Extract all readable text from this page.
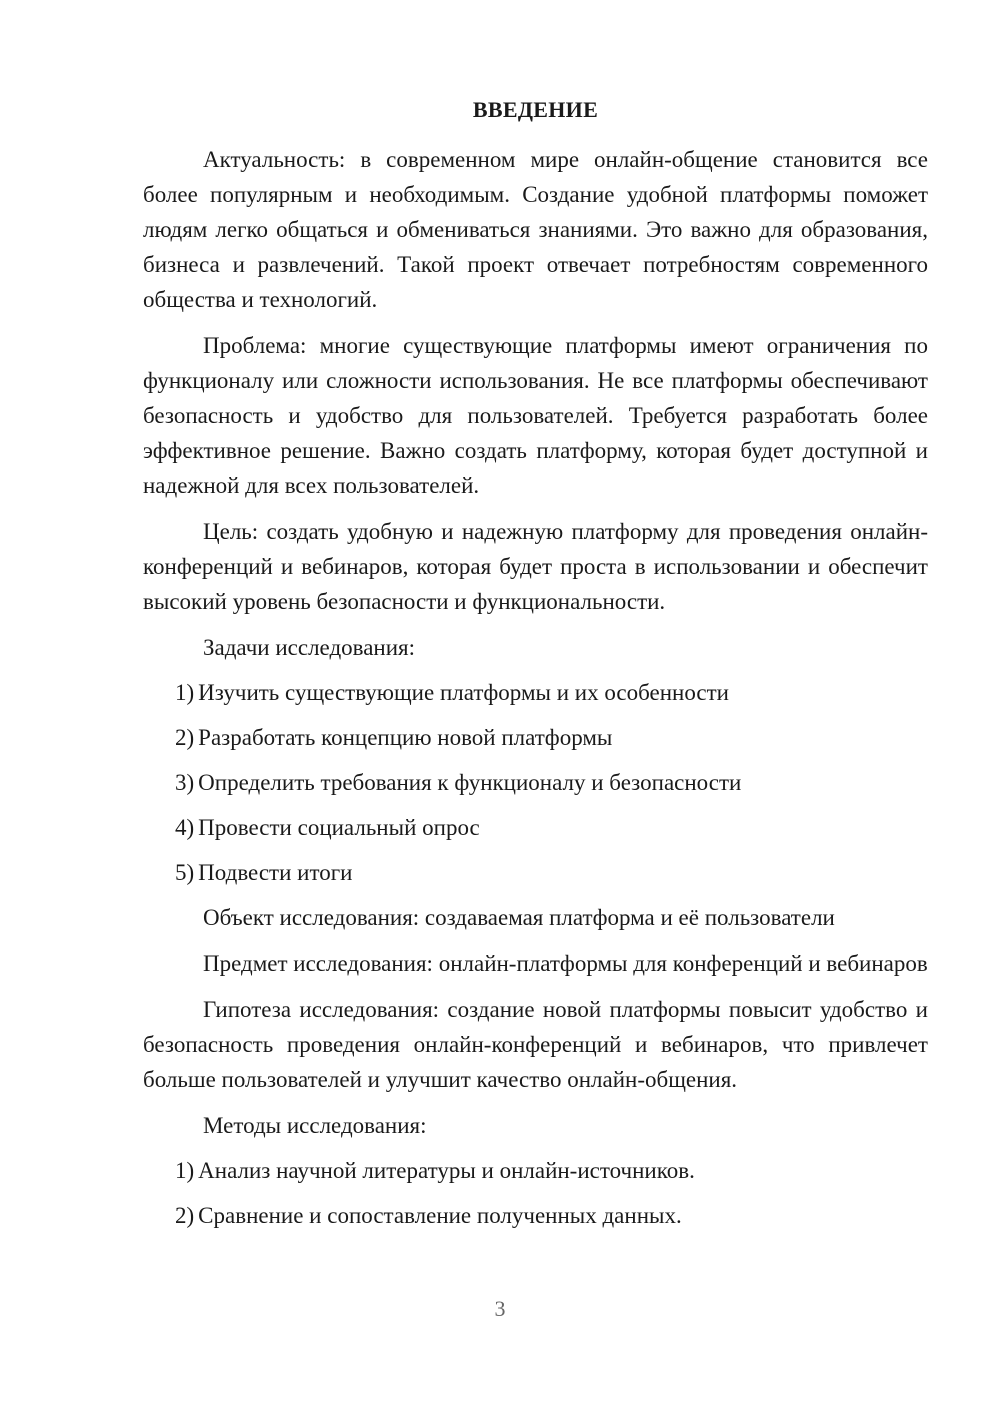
ВВЕДЕНИЕ

Актуальность: в современном мире онлайн-общение становится все более популярным и необходимым. Создание удобной платформы поможет людям легко общаться и обмениваться знаниями. Это важно для образования, бизнеса и развлечений. Такой проект отвечает потребностям современного общества и технологий.

Проблема: многие существующие платформы имеют ограничения по функционалу или сложности использования. Не все платформы обеспечивают безопасность и удобство для пользователей. Требуется разработать более эффективное решение. Важно создать платформу, которая будет доступной и надежной для всех пользователей.

Цель: создать удобную и надежную платформу для проведения онлайн-конференций и вебинаров, которая будет проста в использовании и обеспечит высокий уровень безопасности и функциональности.

Задачи исследования:

1) Изучить существующие платформы и их особенности
2) Разработать концепцию новой платформы
3) Определить требования к функционалу и безопасности
4) Провести социальный опрос
5) Подвести итоги

Объект исследования: создаваемая платформа и её пользователи

Предмет исследования: онлайн-платформы для конференций и вебинаров

Гипотеза исследования: создание новой платформы повысит удобство и безопасность проведения онлайн-конференций и вебинаров, что привлечет больше пользователей и улучшит качество онлайн-общения.

Методы исследования:

1) Анализ научной литературы и онлайн-источников.
2) Сравнение и сопоставление полученных данных.
3
